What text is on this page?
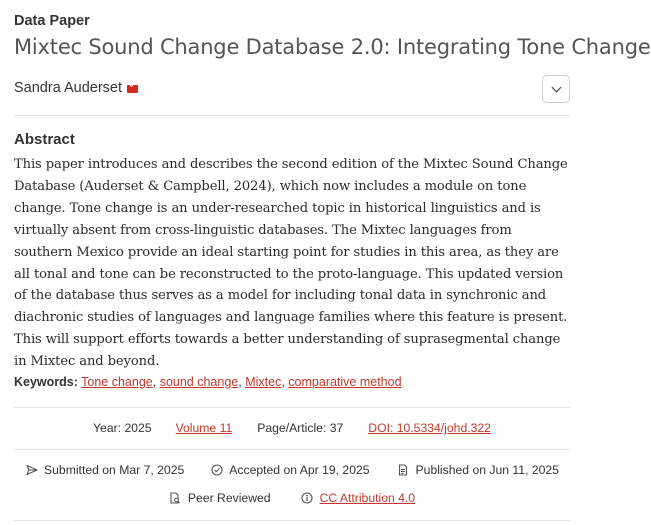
Data Paper
Mixtec Sound Change Database 2.0: Integrating Tone Change
Sandra Auderset
Abstract

This paper introduces and describes the second edition of the Mixtec Sound Change Database (Auderset & Campbell, 2024), which now includes a module on tone change. Tone change is an under-researched topic in historical linguistics and is virtually absent from cross-linguistic databases. The Mixtec languages from southern Mexico provide an ideal starting point for studies in this area, as they are all tonal and tone can be reconstructed to the proto-language. This updated version of the database thus serves as a model for including tonal data in synchronic and diachronic studies of languages and language families where this feature is present. This will support efforts towards a better understanding of suprasegmental change in Mixtec and beyond.

Keywords: Tone change, sound change, Mixtec, comparative method
Year: 2025 Volume 11 Page/Article: 37 DOI: 10.5334/johd.322
Submitted on Mar 7, 2025	Accepted on Apr 19, 2025	Published on Jun 11, 2025
Peer Reviewed	CC Attribution 4.0
